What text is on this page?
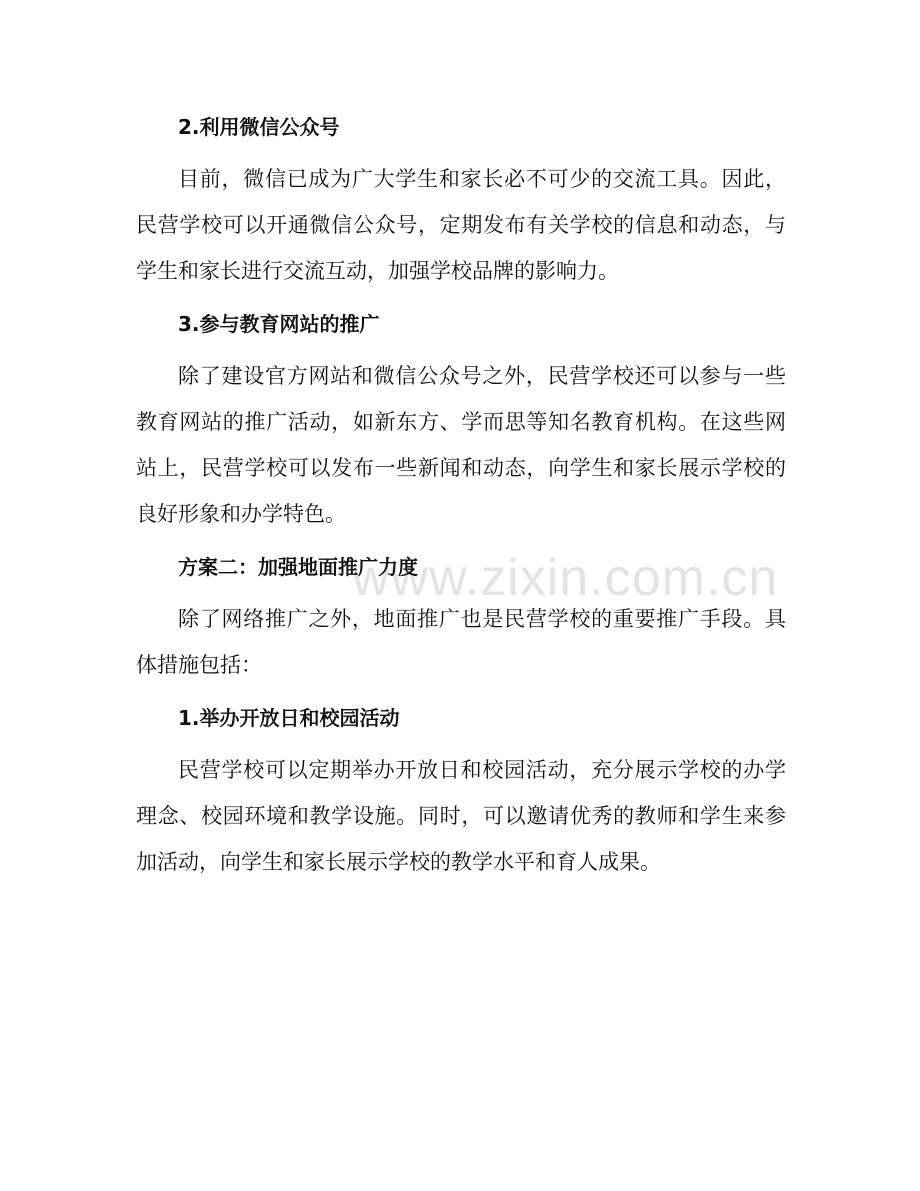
www.zixin.com.cn

2.利用微信公众号

目前，微信已成为广大学生和家长必不可少的交流工具。因此，民营学校可以开通微信公众号，定期发布有关学校的信息和动态，与学生和家长进行交流互动，加强学校品牌的影响力。

3.参与教育网站的推广

除了建设官方网站和微信公众号之外，民营学校还可以参与一些教育网站的推广活动，如新东方、学而思等知名教育机构。在这些网站上，民营学校可以发布一些新闻和动态，向学生和家长展示学校的良好形象和办学特色。

方案二：加强地面推广力度

除了网络推广之外，地面推广也是民营学校的重要推广手段。具体措施包括：

1.举办开放日和校园活动

民营学校可以定期举办开放日和校园活动，充分展示学校的办学理念、校园环境和教学设施。同时，可以邀请优秀的教师和学生来参加活动，向学生和家长展示学校的教学水平和育人成果。
